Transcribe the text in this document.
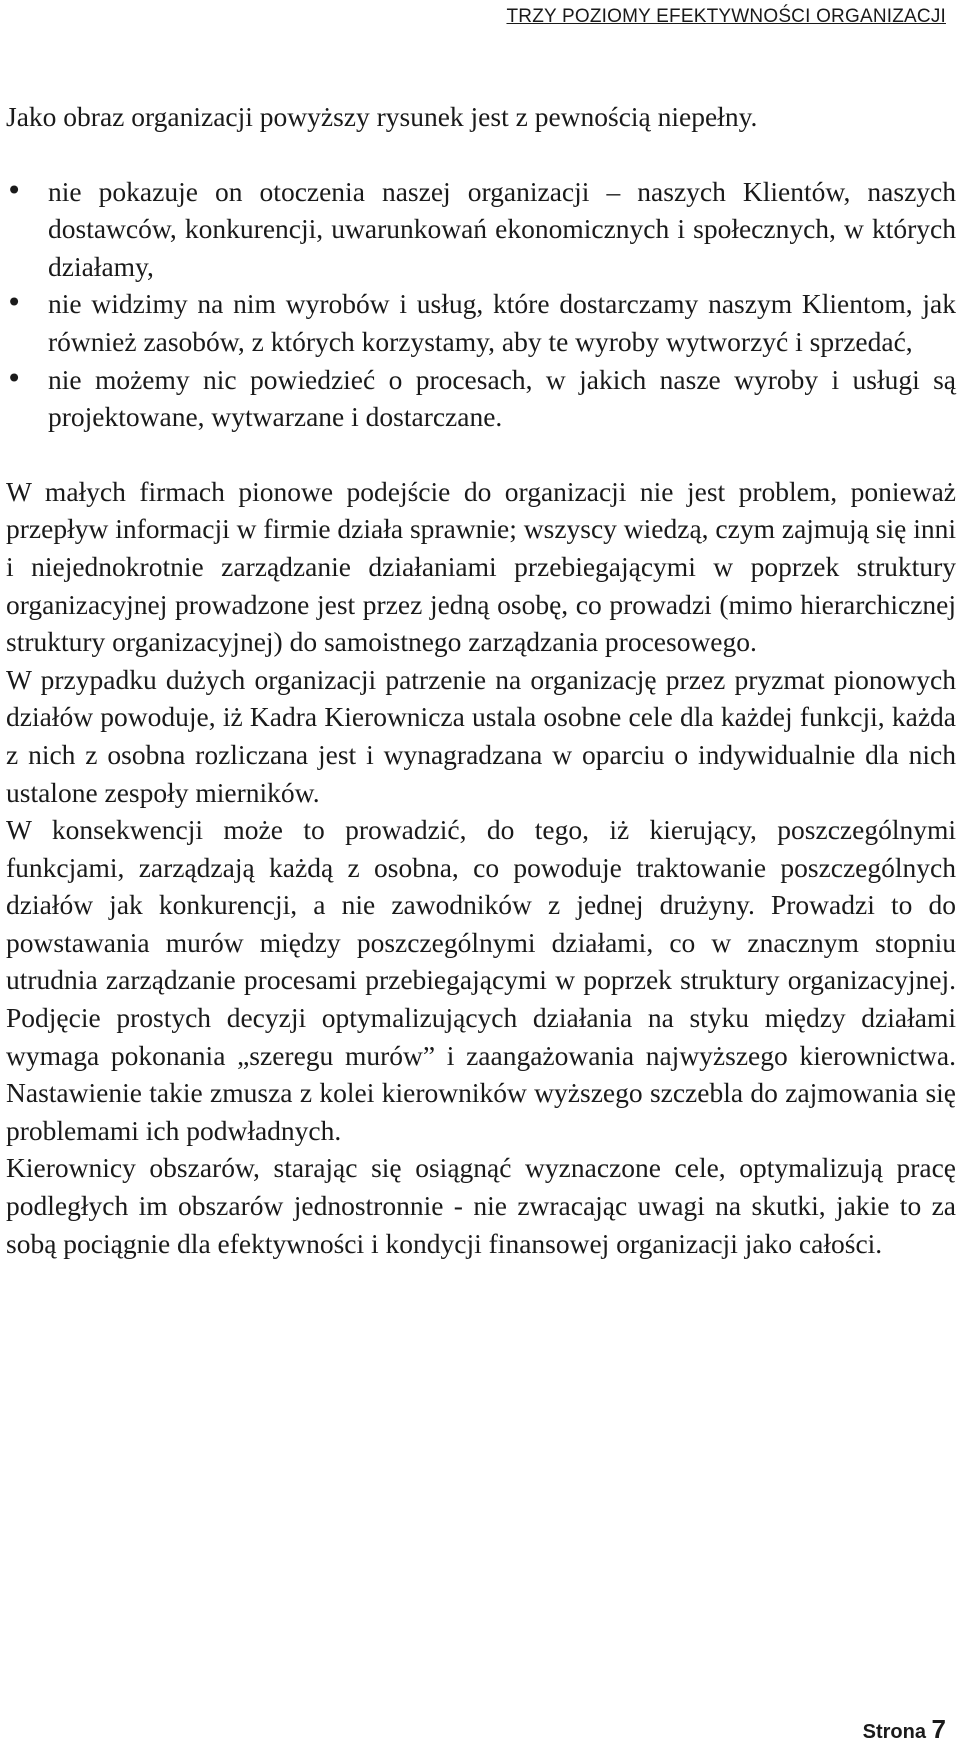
TRZY POZIOMY EFEKTYWNOŚCI ORGANIZACJI

Jako obraz organizacji powyższy rysunek jest z pewnością niepełny.

• nie pokazuje on otoczenia naszej organizacji – naszych Klientów, naszych dostawców, konkurencji, uwarunkowań ekonomicznych i społecznych, w których działamy,
• nie widzimy na nim wyrobów i usług, które dostarczamy naszym Klientom, jak również zasobów, z których korzystamy, aby te wyroby wytworzyć i sprzedać,
• nie możemy nic powiedzieć o procesach, w jakich nasze wyroby i usługi są projektowane, wytwarzane i dostarczane.

W małych firmach pionowe podejście do organizacji nie jest problem, ponieważ przepływ informacji w firmie działa sprawnie; wszyscy wiedzą, czym zajmują się inni i niejednokrotnie zarządzanie działaniami przebiegającymi w poprzek struktury organizacyjnej prowadzone jest przez jedną osobę, co prowadzi (mimo hierarchicznej struktury organizacyjnej) do samoistnego zarządzania procesowego.

W przypadku dużych organizacji patrzenie na organizację przez pryzmat pionowych działów powoduje, iż Kadra Kierownicza ustala osobne cele dla każdej funkcji, każda z nich z osobna rozliczana jest i wynagradzana w oparciu o indywidualnie dla nich ustalone zespoły mierników.

W konsekwencji może to prowadzić, do tego, iż kierujący, poszczególnymi funkcjami, zarządzają każdą z osobna, co powoduje traktowanie poszczególnych działów jak konkurencji, a nie zawodników z jednej drużyny. Prowadzi to do powstawania murów między poszczególnymi działami, co w znacznym stopniu utrudnia zarządzanie procesami przebiegającymi w poprzek struktury organizacyjnej. Podjęcie prostych decyzji optymalizujących działania na styku między działami wymaga pokonania „szeregu murów” i zaangażowania najwyższego kierownictwa. Nastawienie takie zmusza z kolei kierowników wyższego szczebla do zajmowania się problemami ich podwładnych.

Kierownicy obszarów, starając się osiągnąć wyznaczone cele, optymalizują pracę podległych im obszarów jednostronnie - nie zwracając uwagi na skutki, jakie to za sobą pociągnie dla efektywności i kondycji finansowej organizacji jako całości.

Strona 7
